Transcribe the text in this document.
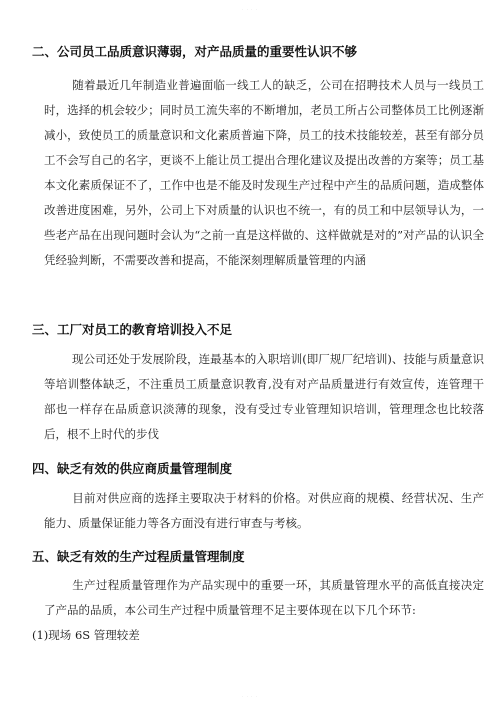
· · · ·
二、公司员工品质意识薄弱，对产品质量的重要性认识不够
随着最近几年制造业普遍面临一线工人的缺乏，公司在招聘技术人员与一线员工时，选择的机会较少；同时员工流失率的不断增加，老员工所占公司整体员工比例逐渐减小，致使员工的质量意识和文化素质普遍下降，员工的技术技能较差，甚至有部分员工不会写自己的名字，更谈不上能让员工提出合理化建议及提出改善的方案等；员工基本文化素质保证不了，工作中也是不能及时发现生产过程中产生的品质问题，造成整体改善进度困难，另外，公司上下对质量的认识也不统一，有的员工和中层领导认为，一些老产品在出现问题时会认为“之前一直是这样做的、这样做就是对的”对产品的认识全凭经验判断，不需要改善和提高，不能深刻理解质量管理的内涵
三、工厂对员工的教育培训投入不足
现公司还处于发展阶段，连最基本的入职培训(即厂规厂纪培训)、技能与质量意识等培训整体缺乏，不注重员工质量意识教育,没有对产品质量进行有效宣传，连管理干部也一样存在品质意识淡薄的现象，没有受过专业管理知识培训，管理理念也比较落后，根不上时代的步伐
四、缺乏有效的供应商质量管理制度
目前对供应商的选择主要取决于材料的价格。对供应商的规模、经营状况、生产能力、质量保证能力等各方面没有进行审查与考核。
五、缺乏有效的生产过程质量管理制度
生产过程质量管理作为产品实现中的重要一环，其质量管理水平的高低直接决定了产品的品质，本公司生产过程中质量管理不足主要体现在以下几个环节:
(1)现场 6S 管理较差
· · · ·
